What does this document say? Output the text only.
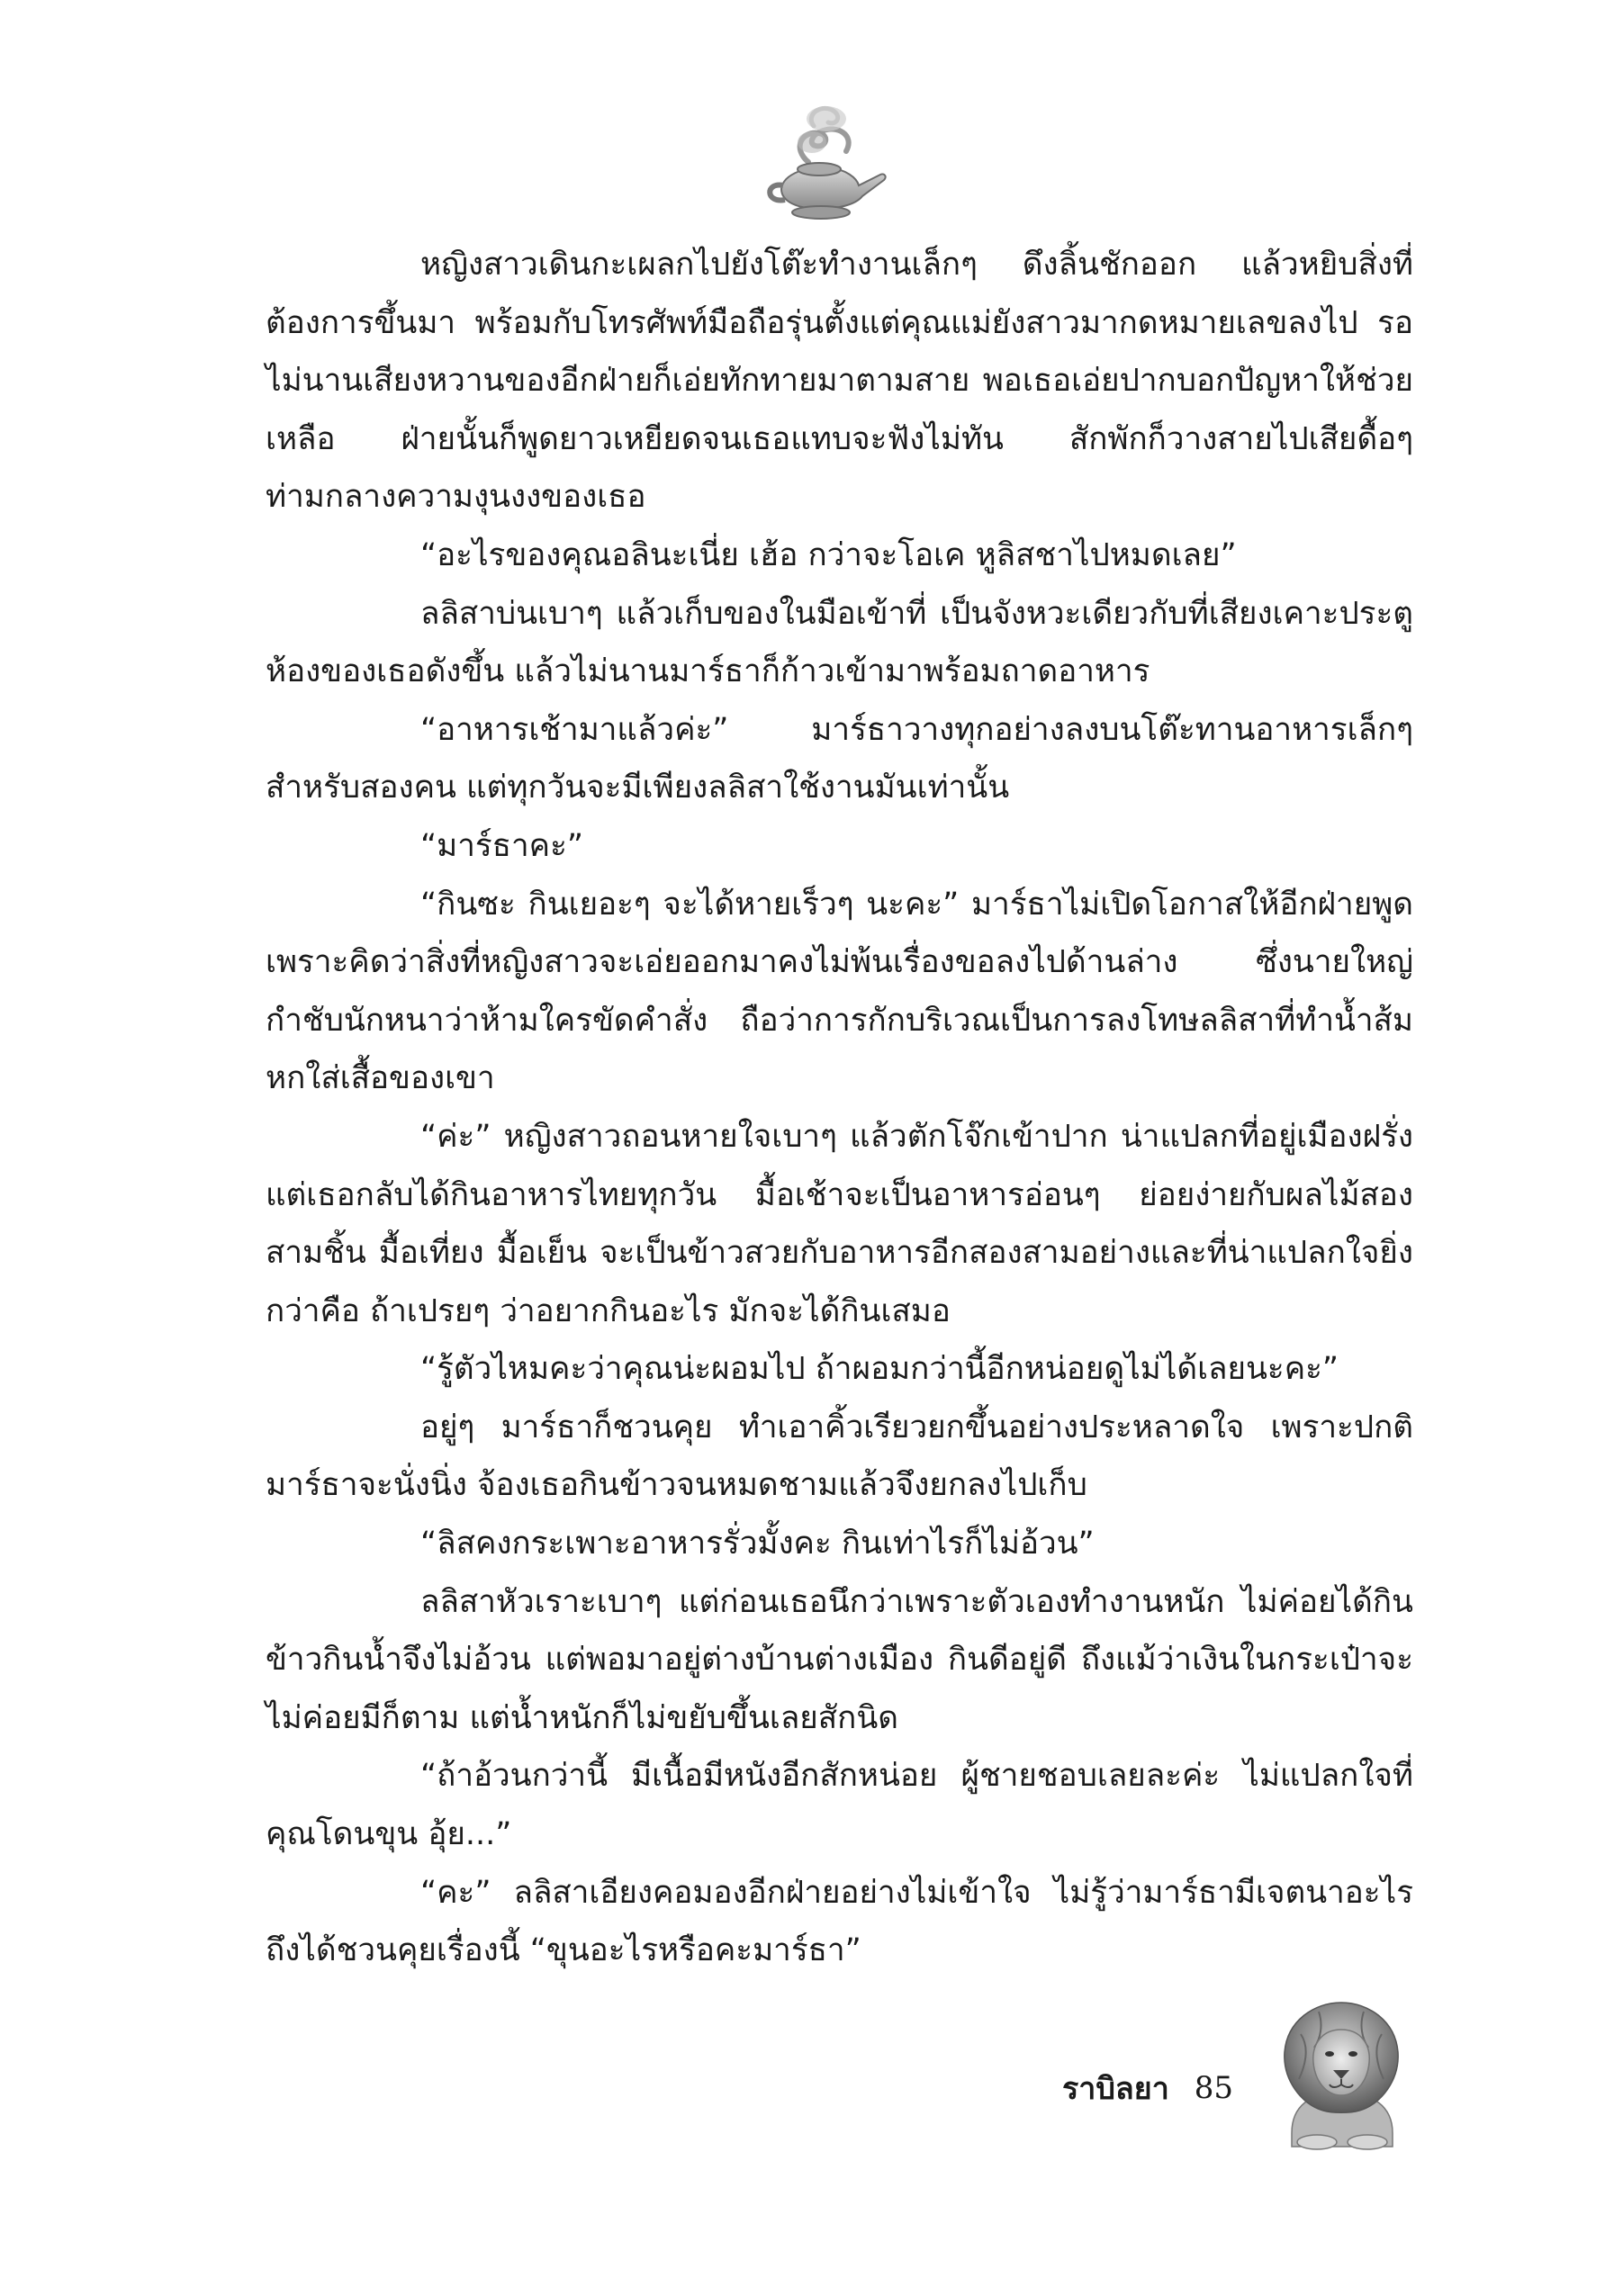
หญิงสาวเดินกะเผลกไปยังโต๊ะทำงานเล็กๆ ดึงลิ้นชักออก แล้วหยิบสิ่งที่ต้องการขึ้นมา พร้อมกับโทรศัพท์มือถือรุ่นตั้งแต่คุณแม่ยังสาวมากดหมายเลขลงไป รอไม่นานเสียงหวานของอีกฝ่ายก็เอ่ยทักทายมาตามสาย พอเธอเอ่ยปากบอกปัญหาให้ช่วยเหลือ ฝ่ายนั้นก็พูดยาวเหยียดจนเธอแทบจะฟังไม่ทัน สักพักก็วางสายไปเสียดื้อๆ ท่ามกลางความงุนงงของเธอ

“อะไรของคุณอลินะเนี่ย เฮ้อ กว่าจะโอเค หูลิสชาไปหมดเลย”

ลลิสาบ่นเบาๆ แล้วเก็บของในมือเข้าที่ เป็นจังหวะเดียวกับที่เสียงเคาะประตูห้องของเธอดังขึ้น แล้วไม่นานมาร์ธาก็ก้าวเข้ามาพร้อมถาดอาหาร

“อาหารเช้ามาแล้วค่ะ” มาร์ธาวางทุกอย่างลงบนโต๊ะทานอาหารเล็กๆ สำหรับสองคน แต่ทุกวันจะมีเพียงลลิสาใช้งานมันเท่านั้น

“มาร์ธาคะ”

“กินซะ กินเยอะๆ จะได้หายเร็วๆ นะคะ” มาร์ธาไม่เปิดโอกาสให้อีกฝ่ายพูด เพราะคิดว่าสิ่งที่หญิงสาวจะเอ่ยออกมาคงไม่พ้นเรื่องขอลงไปด้านล่าง ซึ่งนายใหญ่กำชับนักหนาว่าห้ามใครขัดคำสั่ง ถือว่าการกักบริเวณเป็นการลงโทษลลิสาที่ทำน้ำส้มหกใส่เสื้อของเขา

“ค่ะ” หญิงสาวถอนหายใจเบาๆ แล้วตักโจ๊กเข้าปาก น่าแปลกที่อยู่เมืองฝรั่ง แต่เธอกลับได้กินอาหารไทยทุกวัน มื้อเช้าจะเป็นอาหารอ่อนๆ ย่อยง่ายกับผลไม้สองสามชิ้น มื้อเที่ยง มื้อเย็น จะเป็นข้าวสวยกับอาหารอีกสองสามอย่างและที่น่าแปลกใจยิ่งกว่าคือ ถ้าเปรยๆ ว่าอยากกินอะไร มักจะได้กินเสมอ

“รู้ตัวไหมคะว่าคุณน่ะผอมไป ถ้าผอมกว่านี้อีกหน่อยดูไม่ได้เลยนะคะ”

อยู่ๆ มาร์ธาก็ชวนคุย ทำเอาคิ้วเรียวยกขึ้นอย่างประหลาดใจ เพราะปกติมาร์ธาจะนั่งนิ่ง จ้องเธอกินข้าวจนหมดชามแล้วจึงยกลงไปเก็บ

“ลิสคงกระเพาะอาหารรั่วมั้งคะ กินเท่าไรก็ไม่อ้วน”

ลลิสาหัวเราะเบาๆ แต่ก่อนเธอนึกว่าเพราะตัวเองทำงานหนัก ไม่ค่อยได้กินข้าวกินน้ำจึงไม่อ้วน แต่พอมาอยู่ต่างบ้านต่างเมือง กินดีอยู่ดี ถึงแม้ว่าเงินในกระเป๋าจะไม่ค่อยมีก็ตาม แต่น้ำหนักก็ไม่ขยับขึ้นเลยสักนิด

“ถ้าอ้วนกว่านี้ มีเนื้อมีหนังอีกสักหน่อย ผู้ชายชอบเลยละค่ะ ไม่แปลกใจที่คุณโดนขุน อุ้ย...”

“คะ” ลลิสาเอียงคอมองอีกฝ่ายอย่างไม่เข้าใจ ไม่รู้ว่ามาร์ธามีเจตนาอะไรถึงได้ชวนคุยเรื่องนี้ “ขุนอะไรหรือคะมาร์ธา”

ราบิลยา 85
